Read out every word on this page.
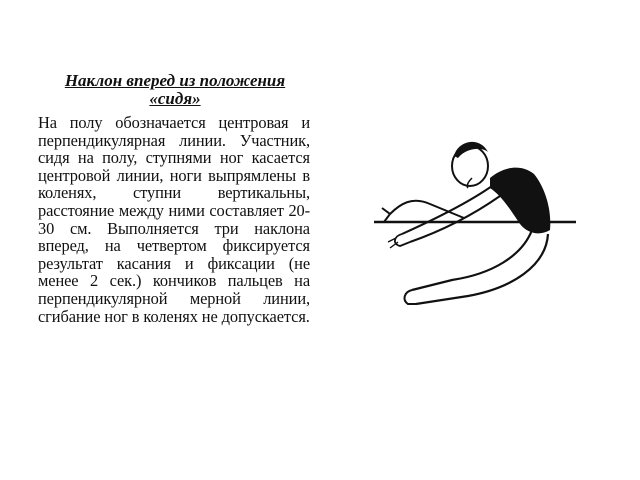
Наклон вперед из положения «сидя»
На полу обозначается центровая и перпендикулярная линии. Участник, сидя на полу, ступнями ног касается центровой линии, ноги выпрямлены в коленях, ступни вертикальны, расстояние между ними составляет 20-30 см. Выполняется три наклона вперед, на четвертом фиксируется результат касания и фиксации (не менее 2 сек.) кончиков пальцев на перпендикулярной мерной линии, сгибание ног в коленях не допускается.
